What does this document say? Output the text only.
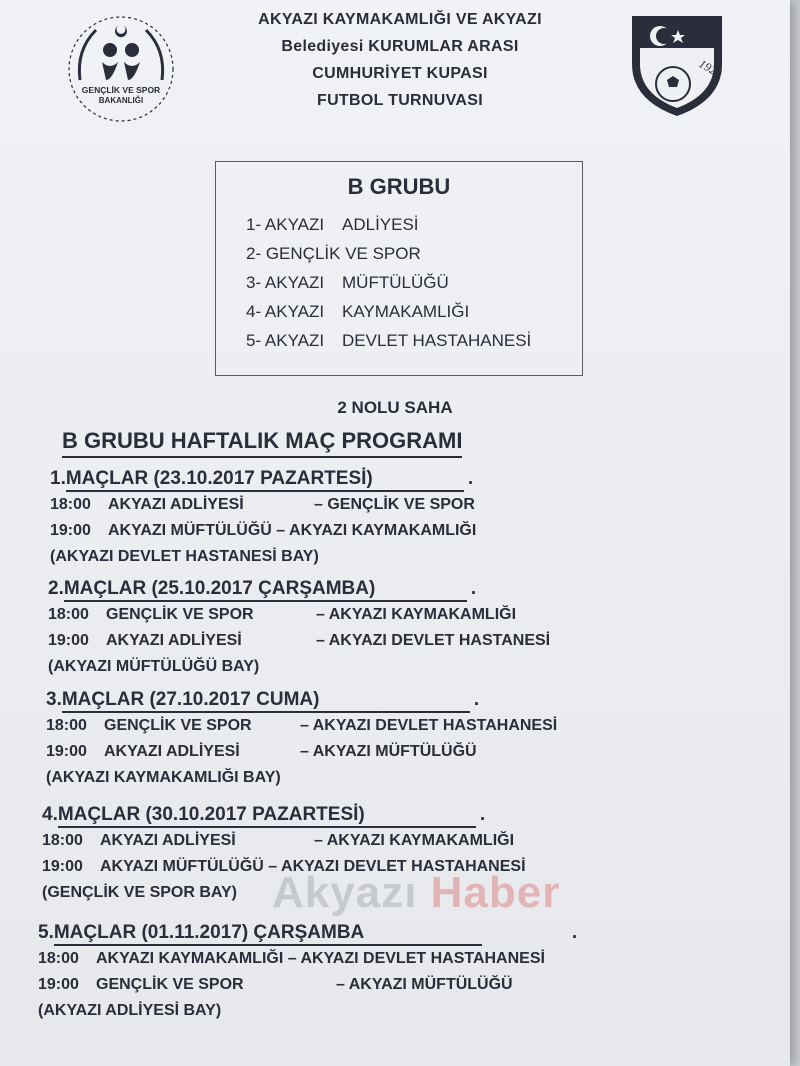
GENÇLİK VE SPOR
BAKANLIĞI
AKYAZI KAYMAKAMLIĞI VE AKYAZI
Belediyesi KURUMLAR ARASI
CUMHURİYET KUPASI
FUTBOL TURNUVASI
1923
B GRUBU
1- AKYAZI ADLİYESİ
2- GENÇLİK VE SPOR
3- AKYAZI MÜFTÜLÜĞÜ
4- AKYAZI KAYMAKAMLIĞI
5- AKYAZI DEVLET HASTAHANESİ
2 NOLU SAHA
B GRUBU HAFTALIK MAÇ PROGRAMI
1. MAÇLAR (23.10.2017 PAZARTESİ)	.
18:00 AKYAZI ADLİYESİ	– GENÇLİK VE SPOR
19:00 AKYAZI MÜFTÜLÜĞÜ – AKYAZI KAYMAKAMLIĞI
(AKYAZI DEVLET HASTANESİ BAY)
2. MAÇLAR (25.10.2017 ÇARŞAMBA)	.
18:00 GENÇLİK VE SPOR	– AKYAZI KAYMAKAMLIĞI
19:00 AKYAZI ADLİYESİ	– AKYAZI DEVLET HASTANESİ
(AKYAZI MÜFTÜLÜĞÜ BAY)
3. MAÇLAR (27.10.2017 CUMA)	.
18:00 GENÇLİK VE SPOR	– AKYAZI DEVLET HASTAHANESİ
19:00 AKYAZI ADLİYESİ	– AKYAZI MÜFTÜLÜĞÜ
(AKYAZI KAYMAKAMLIĞI BAY)
4. MAÇLAR (30.10.2017 PAZARTESİ)	.
18:00 AKYAZI ADLİYESİ	– AKYAZI KAYMAKAMLIĞI
19:00 AKYAZI MÜFTÜLÜĞÜ – AKYAZI DEVLET HASTAHANESİ
(GENÇLİK VE SPOR BAY)
5. MAÇLAR (01.11.2017) ÇARŞAMBA	.
18:00 AKYAZI KAYMAKAMLIĞI – AKYAZI DEVLET HASTAHANESİ
19:00 GENÇLİK VE SPOR	– AKYAZI MÜFTÜLÜĞÜ
(AKYAZI ADLİYESİ BAY)
Akyazı Haber
